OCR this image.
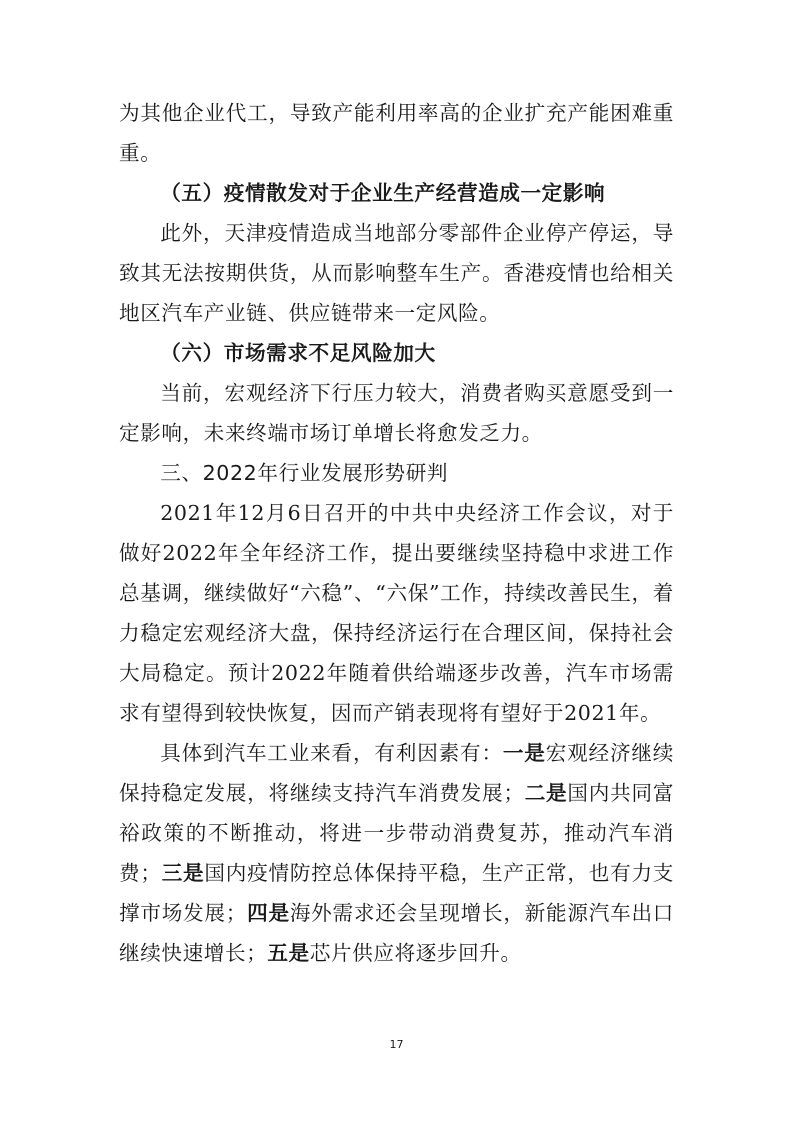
为其他企业代工，导致产能利用率高的企业扩充产能困难重重。

（五）疫情散发对于企业生产经营造成一定影响

此外，天津疫情造成当地部分零部件企业停产停运，导致其无法按期供货，从而影响整车生产。香港疫情也给相关地区汽车产业链、供应链带来一定风险。

（六）市场需求不足风险加大

当前，宏观经济下行压力较大，消费者购买意愿受到一定影响，未来终端市场订单增长将愈发乏力。

三、2022年行业发展形势研判

2021年12月6日召开的中共中央经济工作会议，对于做好2022年全年经济工作，提出要继续坚持稳中求进工作总基调，继续做好“六稳”、“六保”工作，持续改善民生，着力稳定宏观经济大盘，保持经济运行在合理区间，保持社会大局稳定。预计2022年随着供给端逐步改善，汽车市场需求有望得到较快恢复，因而产销表现将有望好于2021年。

具体到汽车工业来看，有利因素有：一是宏观经济继续保持稳定发展，将继续支持汽车消费发展；二是国内共同富裕政策的不断推动，将进一步带动消费复苏，推动汽车消费；三是国内疫情防控总体保持平稳，生产正常，也有力支撑市场发展；四是海外需求还会呈现增长，新能源汽车出口继续快速增长；五是芯片供应将逐步回升。

17
